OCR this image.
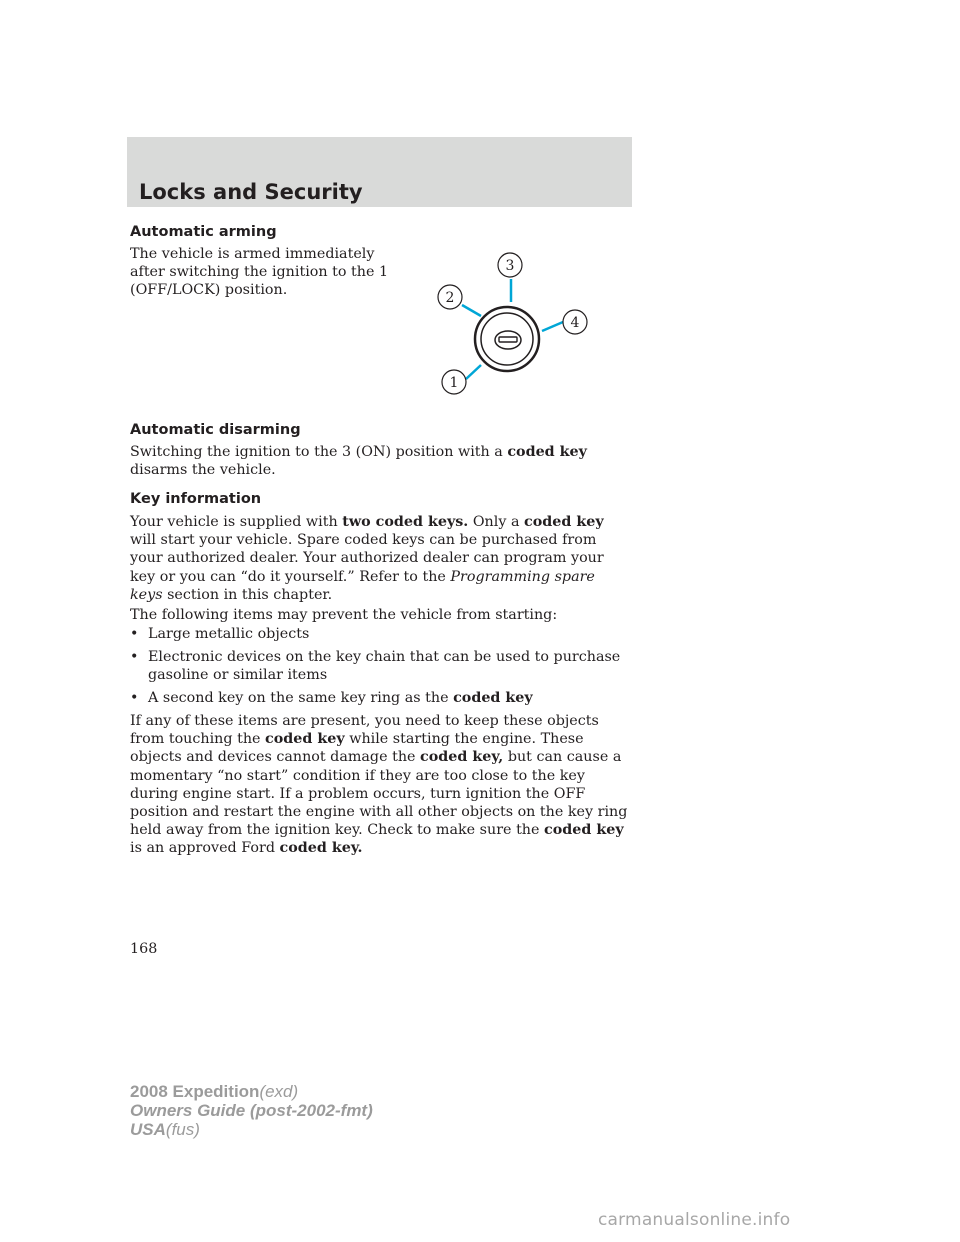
Locks and Security
Automatic arming
The vehicle is armed immediately after switching the ignition to the 1 (OFF/LOCK) position.
3
2
4
1
Automatic disarming
Switching the ignition to the 3 (ON) position with a coded key disarms the vehicle.
Key information
Your vehicle is supplied with two coded keys. Only a coded key will start your vehicle. Spare coded keys can be purchased from your authorized dealer. Your authorized dealer can program your key or you can “do it yourself.” Refer to the Programming spare keys section in this chapter.
The following items may prevent the vehicle from starting:
• Large metallic objects
• Electronic devices on the key chain that can be used to purchase gasoline or similar items
• A second key on the same key ring as the coded key
If any of these items are present, you need to keep these objects from touching the coded key while starting the engine. These objects and devices cannot damage the coded key, but can cause a momentary “no start” condition if they are too close to the key during engine start. If a problem occurs, turn ignition the OFF position and restart the engine with all other objects on the key ring held away from the ignition key. Check to make sure the coded key is an approved Ford coded key.
168
2008 Expedition(exd)
Owners Guide (post-2002-fmt)
USA(fus)
carmanualsonline.info
